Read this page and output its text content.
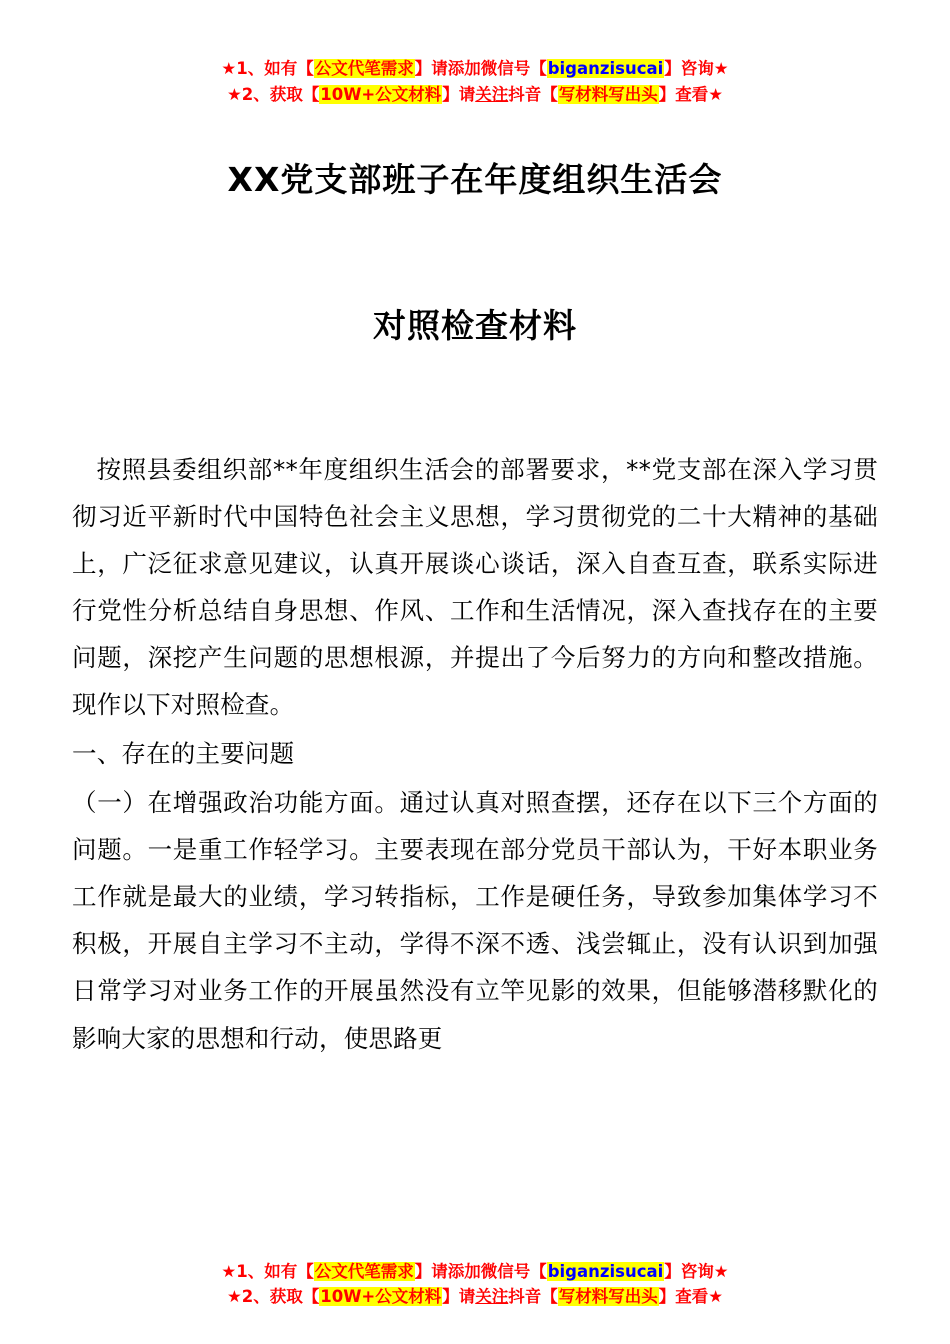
★1、如有【公文代笔需求】请添加微信号【biganzisucai】咨询★
★2、获取【10W+公文材料】请关注抖音【写材料写出头】查看★
XX党支部班子在年度组织生活会
对照检查材料

按照县委组织部**年度组织生活会的部署要求，**党支部在深入学习贯彻习近平新时代中国特色社会主义思想，学习贯彻党的二十大精神的基础上，广泛征求意见建议，认真开展谈心谈话，深入自查互查，联系实际进行党性分析总结自身思想、作风、工作和生活情况，深入查找存在的主要问题，深挖产生问题的思想根源，并提出了今后努力的方向和整改措施。现作以下对照检查。

一、存在的主要问题

（一）在增强政治功能方面。通过认真对照查摆，还存在以下三个方面的问题。一是重工作轻学习。主要表现在部分党员干部认为，干好本职业务工作就是最大的业绩，学习转指标，工作是硬任务，导致参加集体学习不积极，开展自主学习不主动，学得不深不透、浅尝辄止，没有认识到加强日常学习对业务工作的开展虽然没有立竿见影的效果，但能够潜移默化的影响大家的思想和行动，使思路更

★1、如有【公文代笔需求】请添加微信号【biganzisucai】咨询★
★2、获取【10W+公文材料】请关注抖音【写材料写出头】查看★
